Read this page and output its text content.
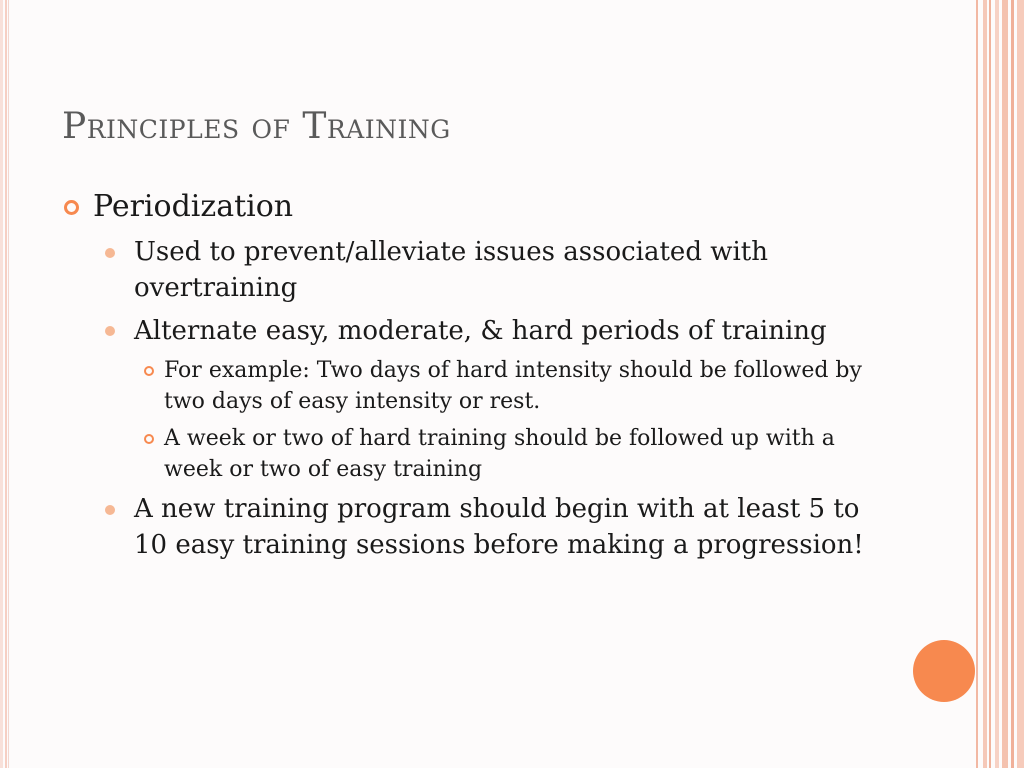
Principles of Training

Periodization

Used to prevent/alleviate issues associated with overtraining

Alternate easy, moderate, & hard periods of training

For example: Two days of hard intensity should be followed by two days of easy intensity or rest.

A week or two of hard training should be followed up with a week or two of easy training

A new training program should begin with at least 5 to 10 easy training sessions before making a progression!
